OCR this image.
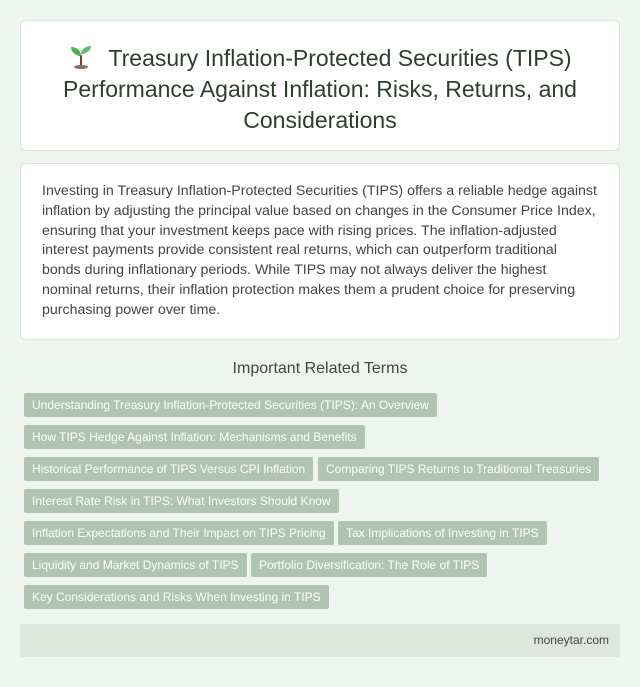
Treasury Inflation-Protected Securities (TIPS) Performance Against Inflation: Risks, Returns, and Considerations

Investing in Treasury Inflation-Protected Securities (TIPS) offers a reliable hedge against inflation by adjusting the principal value based on changes in the Consumer Price Index, ensuring that your investment keeps pace with rising prices. The inflation-adjusted interest payments provide consistent real returns, which can outperform traditional bonds during inflationary periods. While TIPS may not always deliver the highest nominal returns, their inflation protection makes them a prudent choice for preserving purchasing power over time.

Important Related Terms
Understanding Treasury Inflation-Protected Securities (TIPS): An Overview
How TIPS Hedge Against Inflation: Mechanisms and Benefits
Historical Performance of TIPS Versus CPI Inflation	Comparing TIPS Returns to Traditional Treasuries
Interest Rate Risk in TIPS: What Investors Should Know
Inflation Expectations and Their Impact on TIPS Pricing	Tax Implications of Investing in TIPS
Liquidity and Market Dynamics of TIPS	Portfolio Diversification: The Role of TIPS
Key Considerations and Risks When Investing in TIPS
moneytar.com
